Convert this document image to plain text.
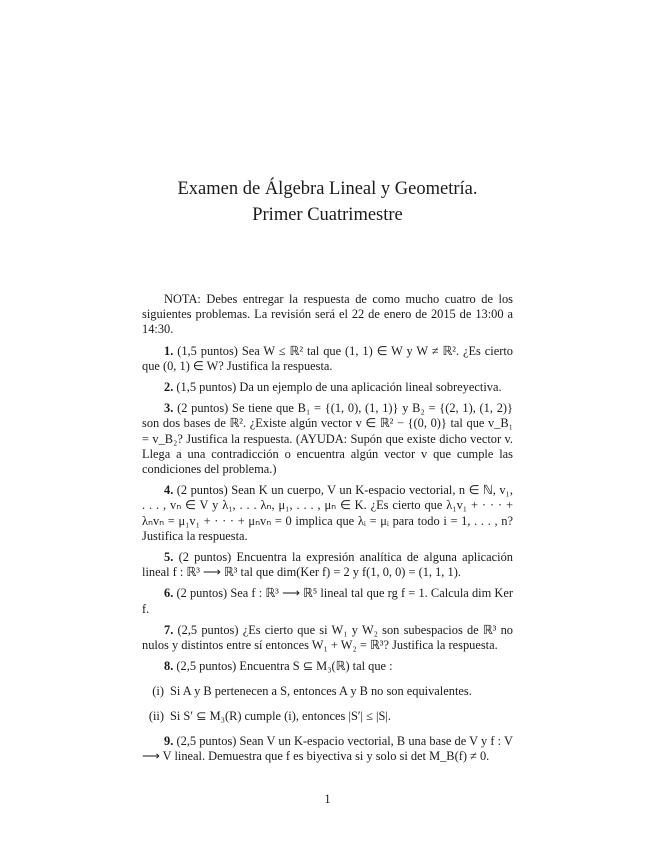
Examen de Álgebra Lineal y Geometría.
Primer Cuatrimestre

NOTA: Debes entregar la respuesta de como mucho cuatro de los siguientes problemas. La revisión será el 22 de enero de 2015 de 13:00 a 14:30.

1. (1,5 puntos) Sea W ≤ ℝ² tal que (1, 1) ∈ W y W ≠ ℝ². ¿Es cierto que (0, 1) ∈ W? Justifica la respuesta.

2. (1,5 puntos) Da un ejemplo de una aplicación lineal sobreyectiva.

3. (2 puntos) Se tiene que B₁ = {(1, 0), (1, 1)} y B₂ = {(2, 1), (1, 2)} son dos bases de ℝ². ¿Existe algún vector v ∈ ℝ² − {(0, 0)} tal que v_B₁ = v_B₂? Justifica la respuesta. (AYUDA: Supón que existe dicho vector v. Llega a una contradicción o encuentra algún vector v que cumple las condiciones del problema.)

4. (2 puntos) Sean K un cuerpo, V un K-espacio vectorial, n ∈ ℕ, v₁, . . . , vₙ ∈ V y λ₁, . . . λₙ, μ₁, . . . , μₙ ∈ K. ¿Es cierto que λ₁v₁ + · · · + λₙvₙ = μ₁v₁ + · · · + μₙvₙ = 0 implica que λᵢ = μᵢ para todo i = 1, . . . , n? Justifica la respuesta.

5. (2 puntos) Encuentra la expresión analítica de alguna aplicación lineal f : ℝ³ ⟶ ℝ³ tal que dim(Ker f) = 2 y f(1, 0, 0) = (1, 1, 1).

6. (2 puntos) Sea f : ℝ³ ⟶ ℝ⁵ lineal tal que rg f = 1. Calcula dim Ker f.

7. (2,5 puntos) ¿Es cierto que si W₁ y W₂ son subespacios de ℝ³ no nulos y distintos entre sí entonces W₁ + W₂ = ℝ³? Justifica la respuesta.

8. (2,5 puntos) Encuentra S ⊆ M₃(ℝ) tal que :

(i) Si A y B pertenecen a S, entonces A y B no son equivalentes.
(ii) Si S′ ⊆ M₃(R) cumple (i), entonces |S′| ≤ |S|.

9. (2,5 puntos) Sean V un K-espacio vectorial, B una base de V y f : V ⟶ V lineal. Demuestra que f es biyectiva si y solo si det M_B(f) ≠ 0.

1
